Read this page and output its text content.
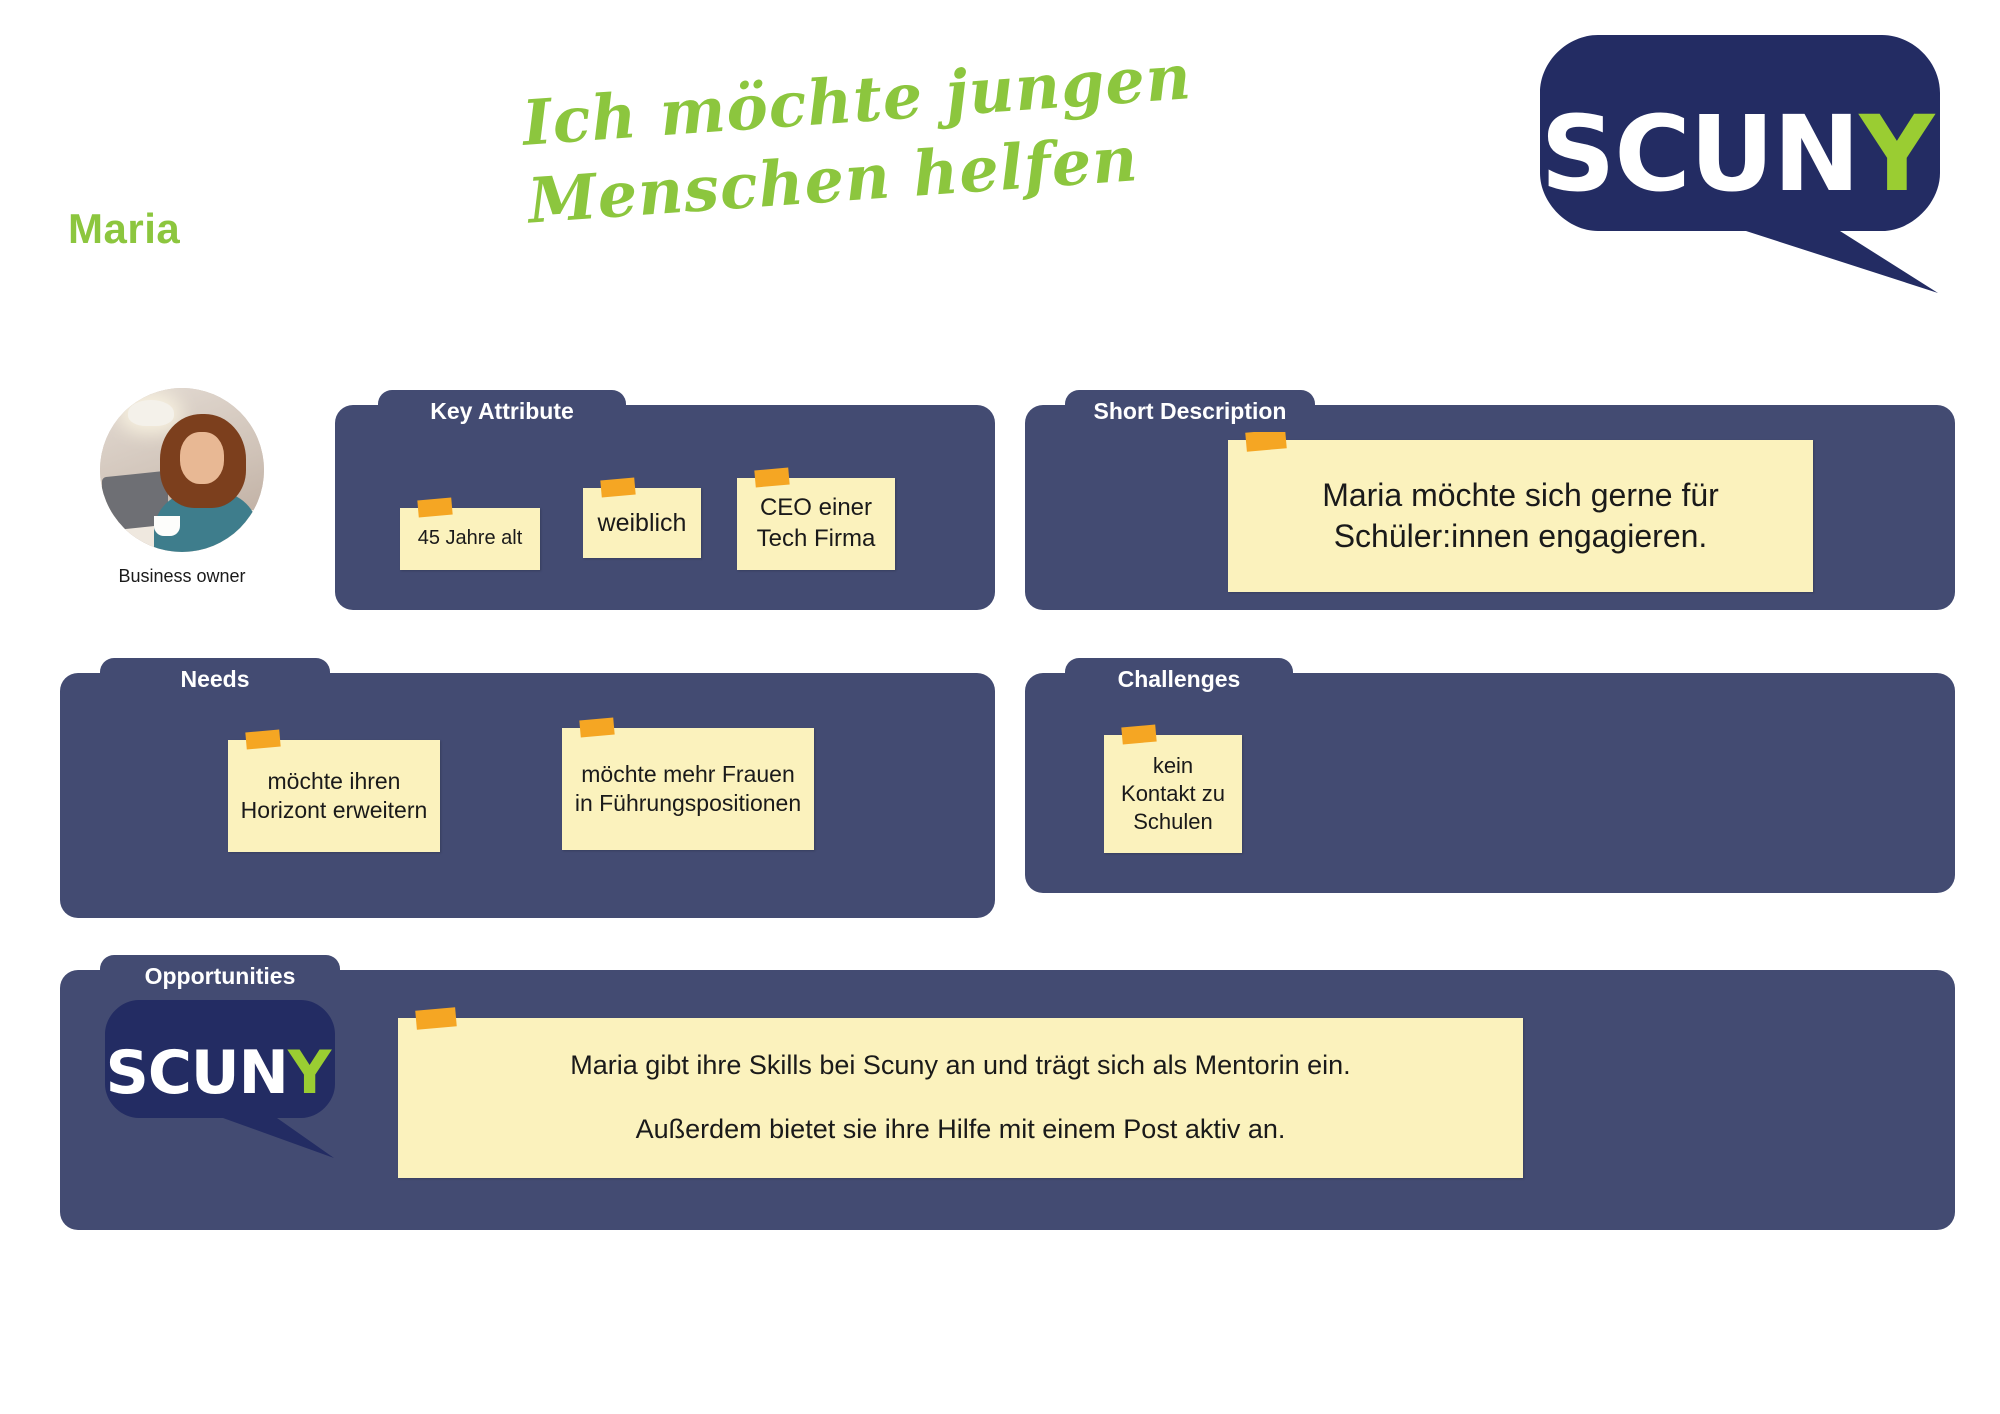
Maria
Ich möchte jungen Menschen helfen	SCUNY
Business owner
Key Attribute
45 Jahre alt
weiblich
CEO einer Tech Firma
Short Description
Maria möchte sich gerne für Schüler:innen engagieren.
Needs
möchte ihren Horizont erweitern
möchte mehr Frauen in Führungspositionen
Challenges
kein Kontakt zu Schulen
Opportunities
SCUNY	Maria gibt ihre Skills bei Scuny an und trägt sich als Mentorin ein.
Außerdem bietet sie ihre Hilfe mit einem Post aktiv an.
